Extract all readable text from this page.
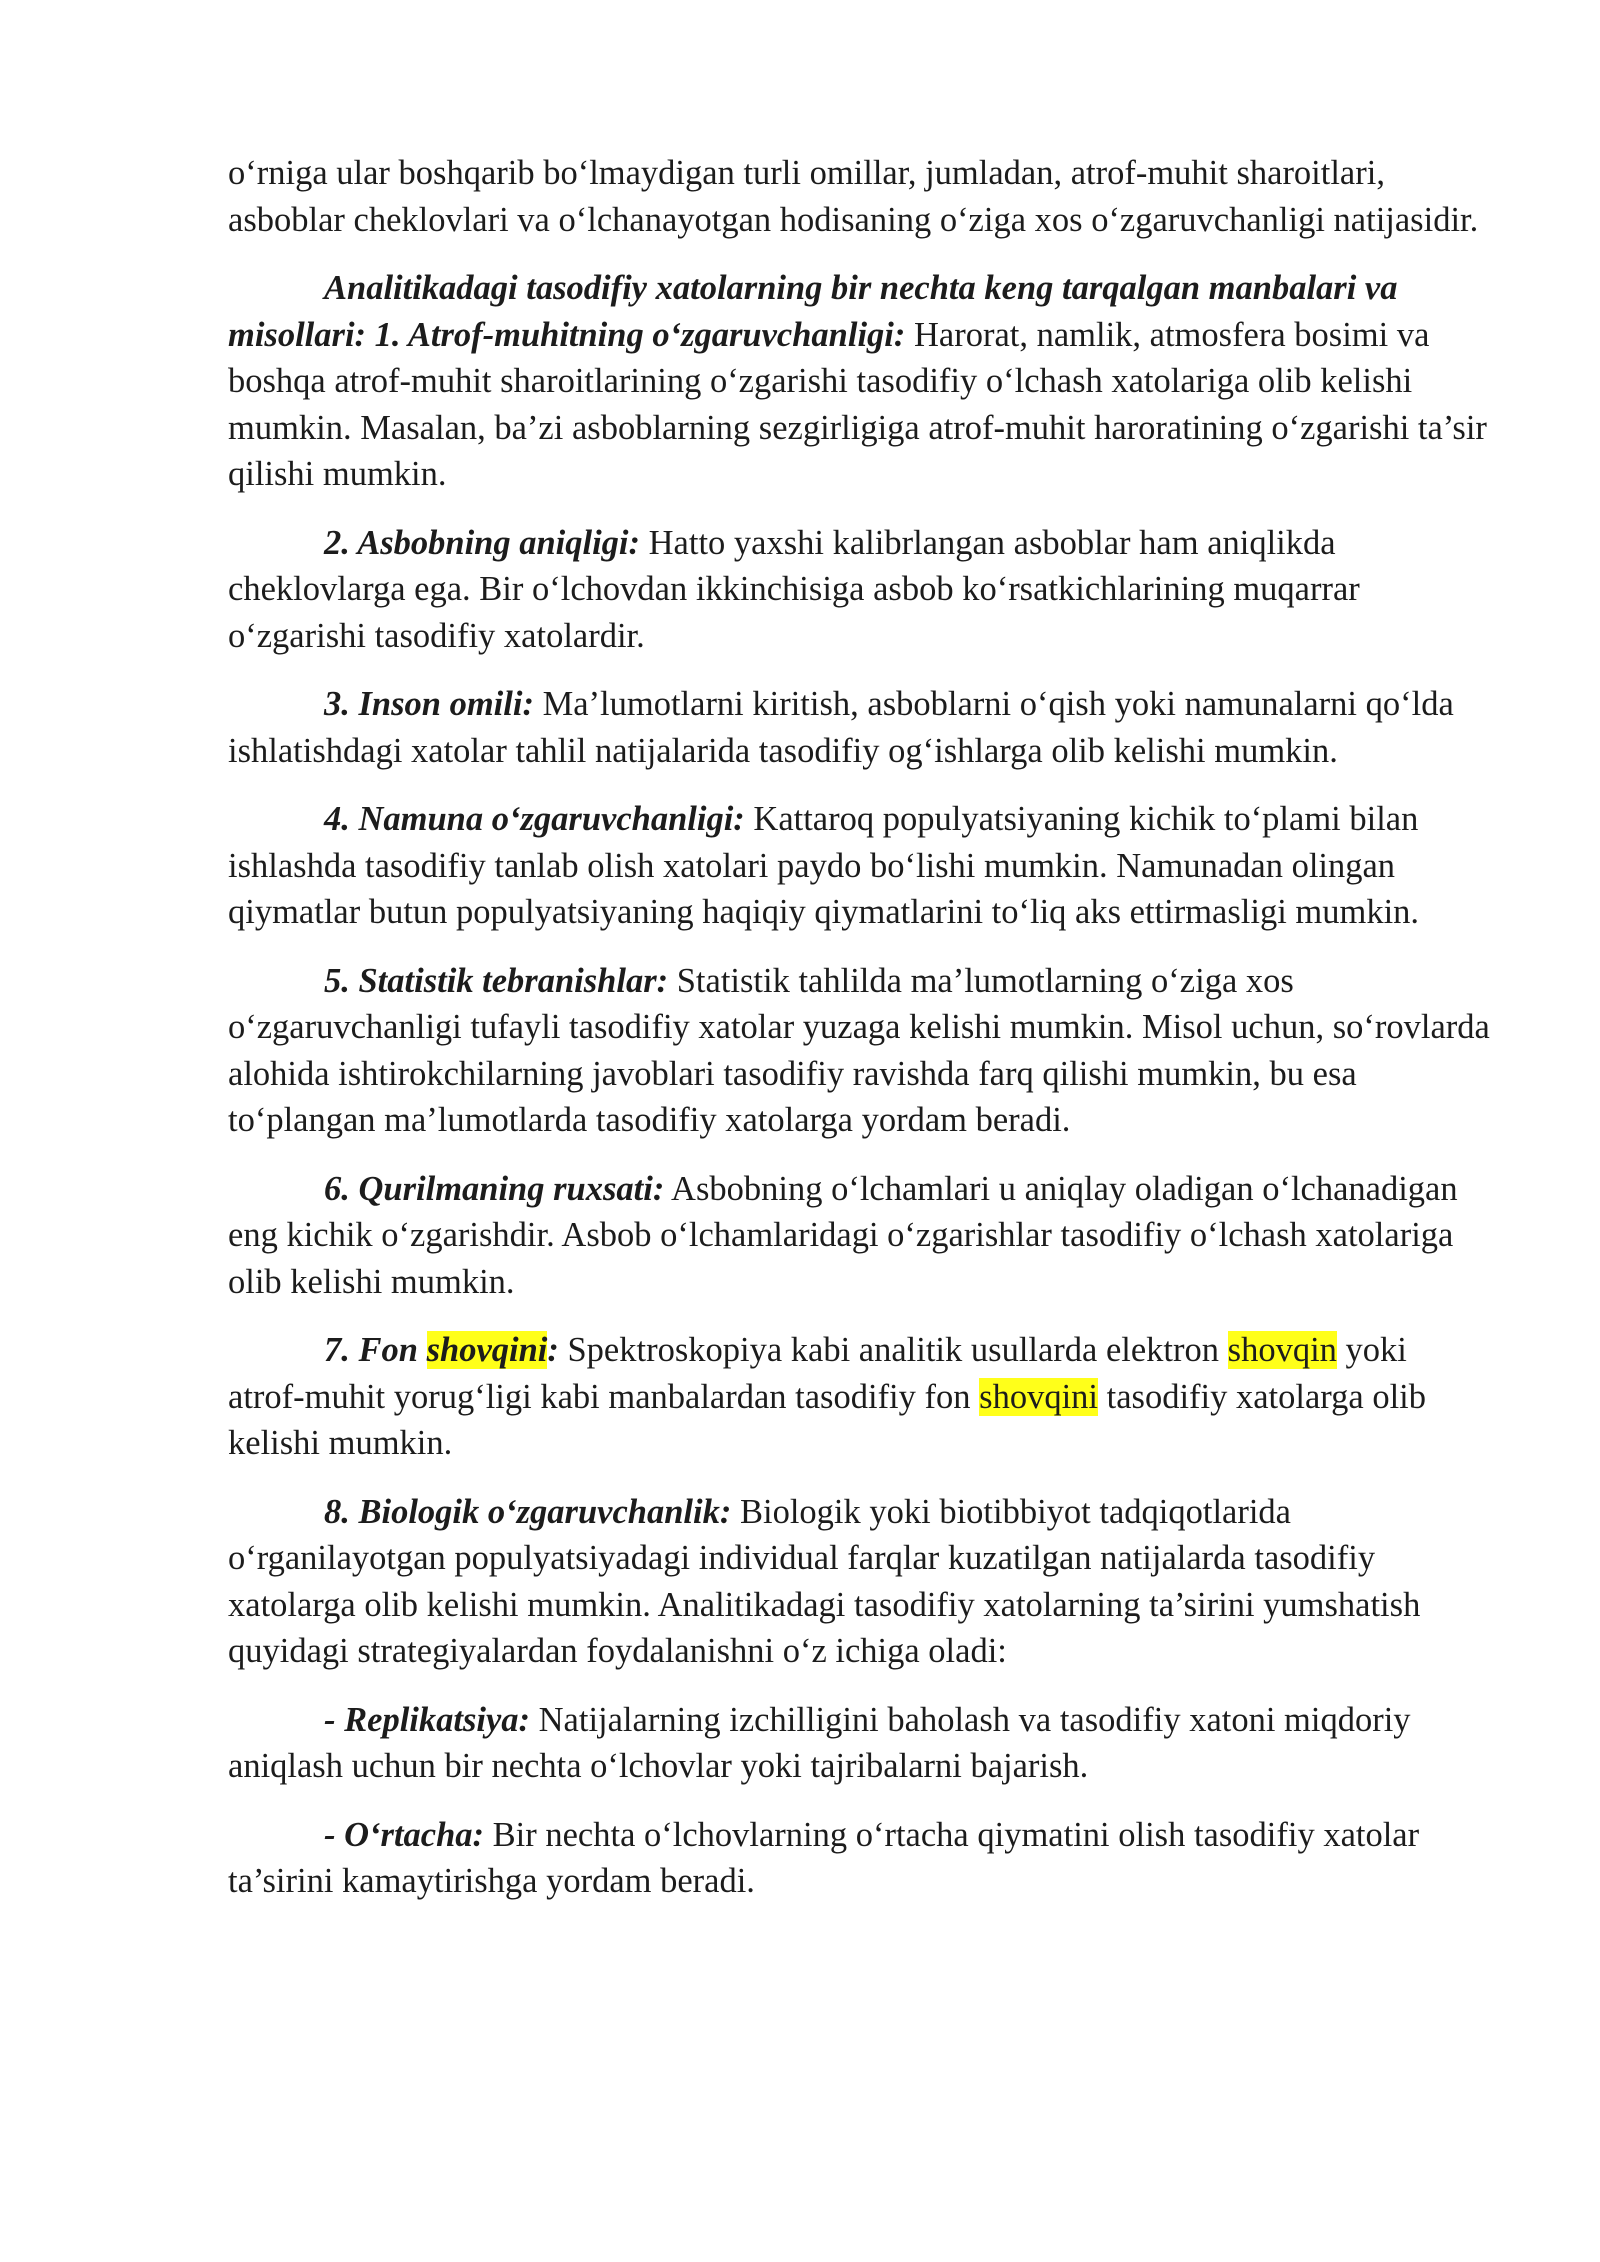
o‘rniga ular boshqarib bo‘lmaydigan turli omillar, jumladan, atrof-muhit sharoitlari, asboblar cheklovlari va o‘lchanayotgan hodisaning o‘ziga xos o‘zgaruvchanligi natijasidir.

Analitikadagi tasodifiy xatolarning bir nechta keng tarqalgan manbalari va misollari: 1. Atrof-muhitning o‘zgaruvchanligi: Harorat, namlik, atmosfera bosimi va boshqa atrof-muhit sharoitlarining o‘zgarishi tasodifiy o‘lchash xatolariga olib kelishi mumkin. Masalan, ba’zi asboblarning sezgirligiga atrof-muhit haroratining o‘zgarishi ta’sir qilishi mumkin.

2. Asbobning aniqligi: Hatto yaxshi kalibrlangan asboblar ham aniqlikda cheklovlarga ega. Bir o‘lchovdan ikkinchisiga asbob ko‘rsatkichlarining muqarrar o‘zgarishi tasodifiy xatolardir.

3. Inson omili: Ma’lumotlarni kiritish, asboblarni o‘qish yoki namunalarni qo‘lda ishlatishdagi xatolar tahlil natijalarida tasodifiy og‘ishlarga olib kelishi mumkin.

4. Namuna o‘zgaruvchanligi: Kattaroq populyatsiyaning kichik to‘plami bilan ishlashda tasodifiy tanlab olish xatolari paydo bo‘lishi mumkin. Namunadan olingan qiymatlar butun populyatsiyaning haqiqiy qiymatlarini to‘liq aks ettirmasligi mumkin.

5. Statistik tebranishlar: Statistik tahlilda ma’lumotlarning o‘ziga xos o‘zgaruvchanligi tufayli tasodifiy xatolar yuzaga kelishi mumkin. Misol uchun, so‘rovlarda alohida ishtirokchilarning javoblari tasodifiy ravishda farq qilishi mumkin, bu esa to‘plangan ma’lumotlarda tasodifiy xatolarga yordam beradi.

6. Qurilmaning ruxsati: Asbobning o‘lchamlari u aniqlay oladigan o‘lchanadigan eng kichik o‘zgarishdir. Asbob o‘lchamlaridagi o‘zgarishlar tasodifiy o‘lchash xatolariga olib kelishi mumkin.

7. Fon shovqini: Spektroskopiya kabi analitik usullarda elektron shovqin yoki atrof-muhit yorug‘ligi kabi manbalardan tasodifiy fon shovqini tasodifiy xatolarga olib kelishi mumkin.

8. Biologik o‘zgaruvchanlik: Biologik yoki biotibbiyot tadqiqotlarida o‘rganilayotgan populyatsiyadagi individual farqlar kuzatilgan natijalarda tasodifiy xatolarga olib kelishi mumkin. Analitikadagi tasodifiy xatolarning ta’sirini yumshatish quyidagi strategiyalardan foydalanishni o‘z ichiga oladi:

- Replikatsiya: Natijalarning izchilligini baholash va tasodifiy xatoni miqdoriy aniqlash uchun bir nechta o‘lchovlar yoki tajribalarni bajarish.

- O‘rtacha: Bir nechta o‘lchovlarning o‘rtacha qiymatini olish tasodifiy xatolar ta’sirini kamaytirishga yordam beradi.
